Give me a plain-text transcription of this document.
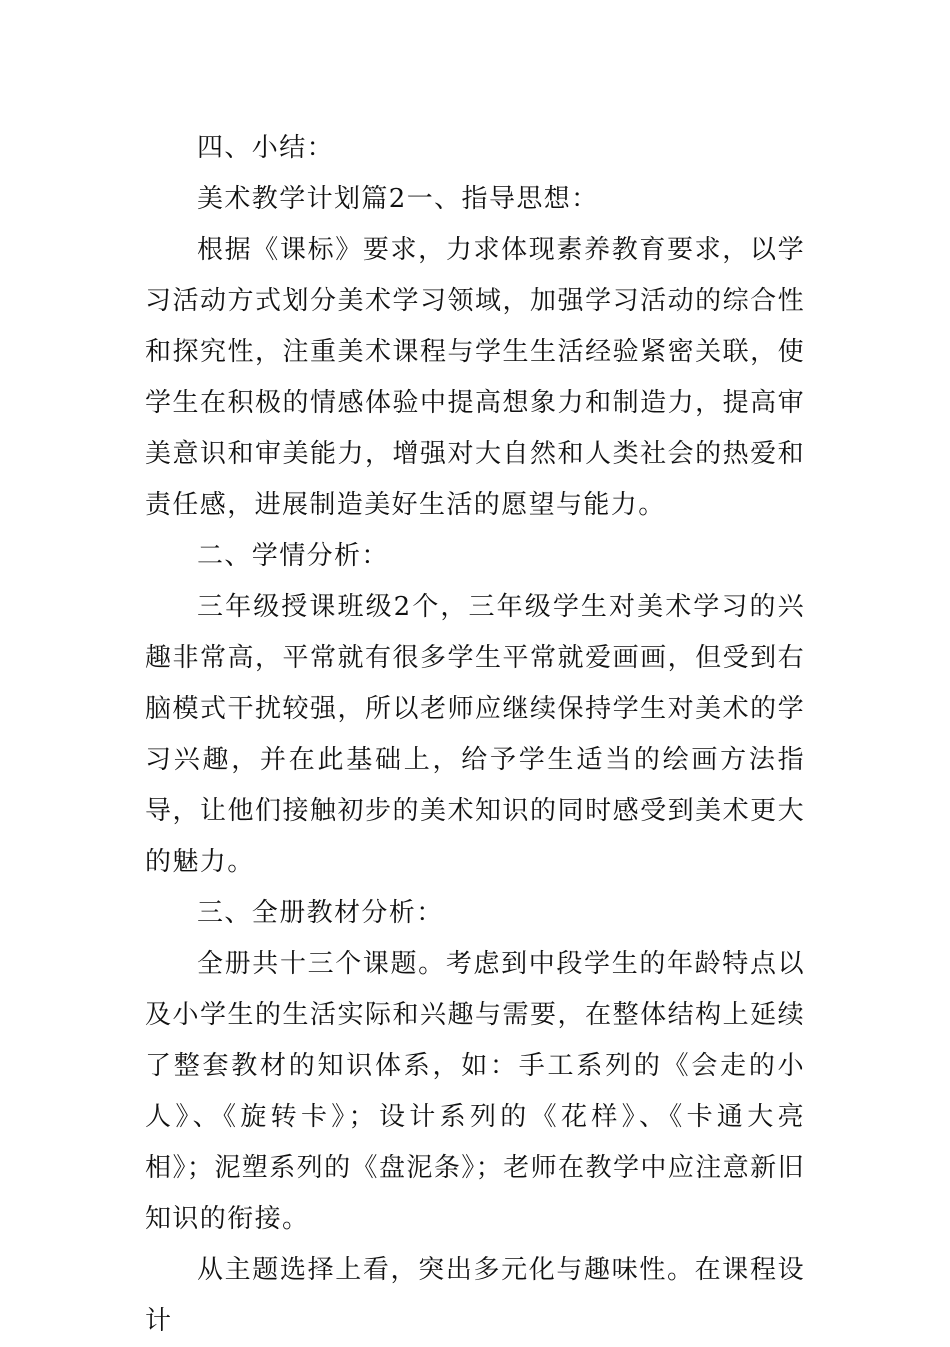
四、小结：

美术教学计划篇2一、指导思想：

根据《课标》要求，力求体现素养教育要求，以学习活动方式划分美术学习领域，加强学习活动的综合性和探究性，注重美术课程与学生生活经验紧密关联，使学生在积极的情感体验中提高想象力和制造力，提高审美意识和审美能力，增强对大自然和人类社会的热爱和责任感，进展制造美好生活的愿望与能力。

二、学情分析：

三年级授课班级2个，三年级学生对美术学习的兴趣非常高，平常就有很多学生平常就爱画画，但受到右脑模式干扰较强，所以老师应继续保持学生对美术的学习兴趣，并在此基础上，给予学生适当的绘画方法指导，让他们接触初步的美术知识的同时感受到美术更大的魅力。

三、全册教材分析：

全册共十三个课题。考虑到中段学生的年龄特点以及小学生的生活实际和兴趣与需要，在整体结构上延续了整套教材的知识体系，如：手工系列的《会走的小人》、《旋转卡》；设计系列的《花样》、《卡通大亮相》；泥塑系列的《盘泥条》；老师在教学中应注意新旧知识的衔接。

从主题选择上看，突出多元化与趣味性。在课程设计
